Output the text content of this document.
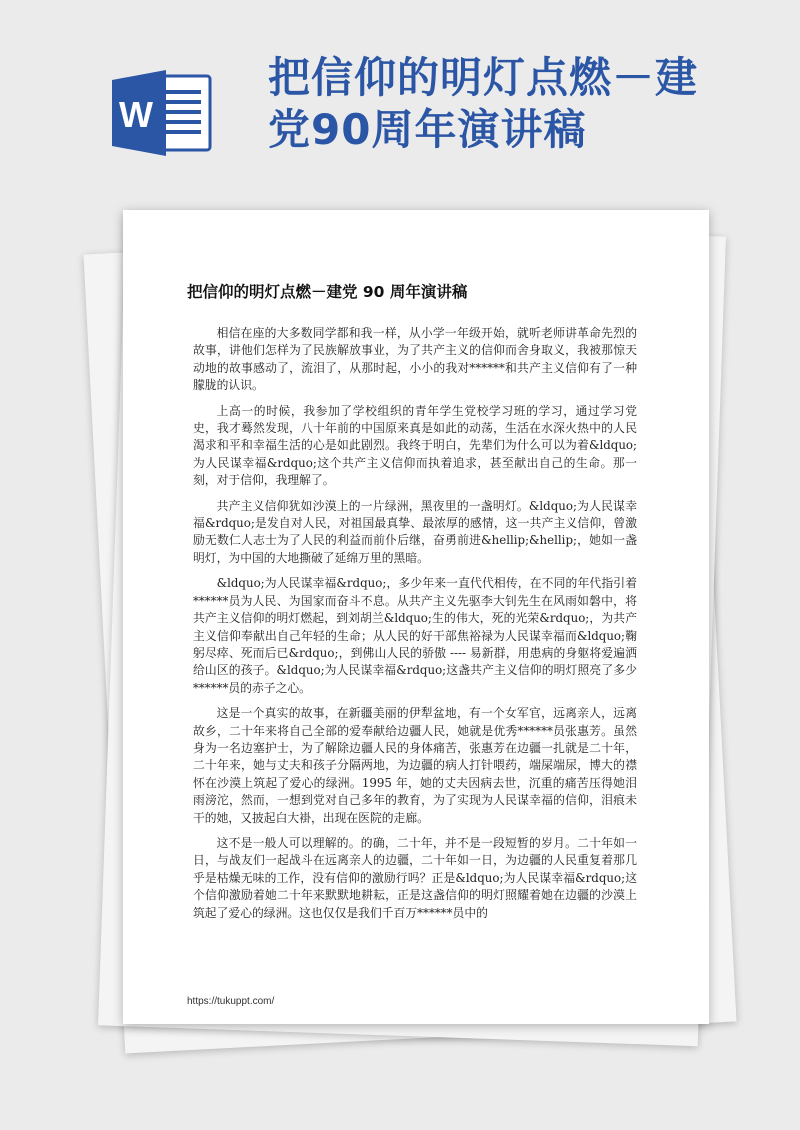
W
把信仰的明灯点燃－建党90周年演讲稿
把信仰的明灯点燃－建党 90 周年演讲稿

相信在座的大多数同学都和我一样，从小学一年级开始，就听老师讲革命先烈的故事，讲他们怎样为了民族解放事业，为了共产主义的信仰而舍身取义，我被那惊天动地的故事感动了，流泪了，从那时起，小小的我对******和共产主义信仰有了一种朦胧的认识。

上高一的时候，我参加了学校组织的青年学生党校学习班的学习，通过学习党史，我才蓦然发现，八十年前的中国原来真是如此的动荡，生活在水深火热中的人民渴求和平和幸福生活的心是如此剧烈。我终于明白，先辈们为什么可以为着&ldquo;为人民谋幸福&rdquo;这个共产主义信仰而执着追求，甚至献出自己的生命。那一刻，对于信仰，我理解了。

共产主义信仰犹如沙漠上的一片绿洲，黑夜里的一盏明灯。&ldquo;为人民谋幸福&rdquo;是发自对人民，对祖国最真挚、最浓厚的感情，这一共产主义信仰，曾激励无数仁人志士为了人民的利益而前仆后继，奋勇前进&hellip;&hellip;，她如一盏明灯，为中国的大地撕破了延绵万里的黑暗。

&ldquo;为人民谋幸福&rdquo;，多少年来一直代代相传，在不同的年代指引着******员为人民、为国家而奋斗不息。从共产主义先驱李大钊先生在风雨如磐中，将共产主义信仰的明灯燃起，到刘胡兰&ldquo;生的伟大，死的光荣&rdquo;，为共产主义信仰奉献出自己年轻的生命；从人民的好干部焦裕禄为人民谋幸福而&ldquo;鞠躬尽瘁、死而后已&rdquo;，到佛山人民的骄傲 ---- 易新群，用患病的身躯将爱遍洒给山区的孩子。&ldquo;为人民谋幸福&rdquo;这盏共产主义信仰的明灯照亮了多少******员的赤子之心。

这是一个真实的故事，在新疆美丽的伊犁盆地，有一个女军官，远离亲人，远离故乡，二十年来将自己全部的爱奉献给边疆人民，她就是优秀******员张惠芳。虽然身为一名边塞护士，为了解除边疆人民的身体痛苦，张惠芳在边疆一扎就是二十年，二十年来，她与丈夫和孩子分隔两地，为边疆的病人打针喂药，端屎端尿，博大的襟怀在沙漠上筑起了爱心的绿洲。1995 年，她的丈夫因病去世，沉重的痛苦压得她泪雨滂沱，然而，一想到党对自己多年的教育，为了实现为人民谋幸福的信仰，泪痕未干的她，又披起白大褂，出现在医院的走廊。

这不是一般人可以理解的。的确，二十年，并不是一段短暂的岁月。二十年如一日，与战友们一起战斗在远离亲人的边疆，二十年如一日，为边疆的人民重复着那几乎是枯燥无味的工作，没有信仰的激励行吗？正是&ldquo;为人民谋幸福&rdquo;这个信仰激励着她二十年来默默地耕耘，正是这盏信仰的明灯照耀着她在边疆的沙漠上筑起了爱心的绿洲。这也仅仅是我们千百万******员中的

https://tukuppt.com/
